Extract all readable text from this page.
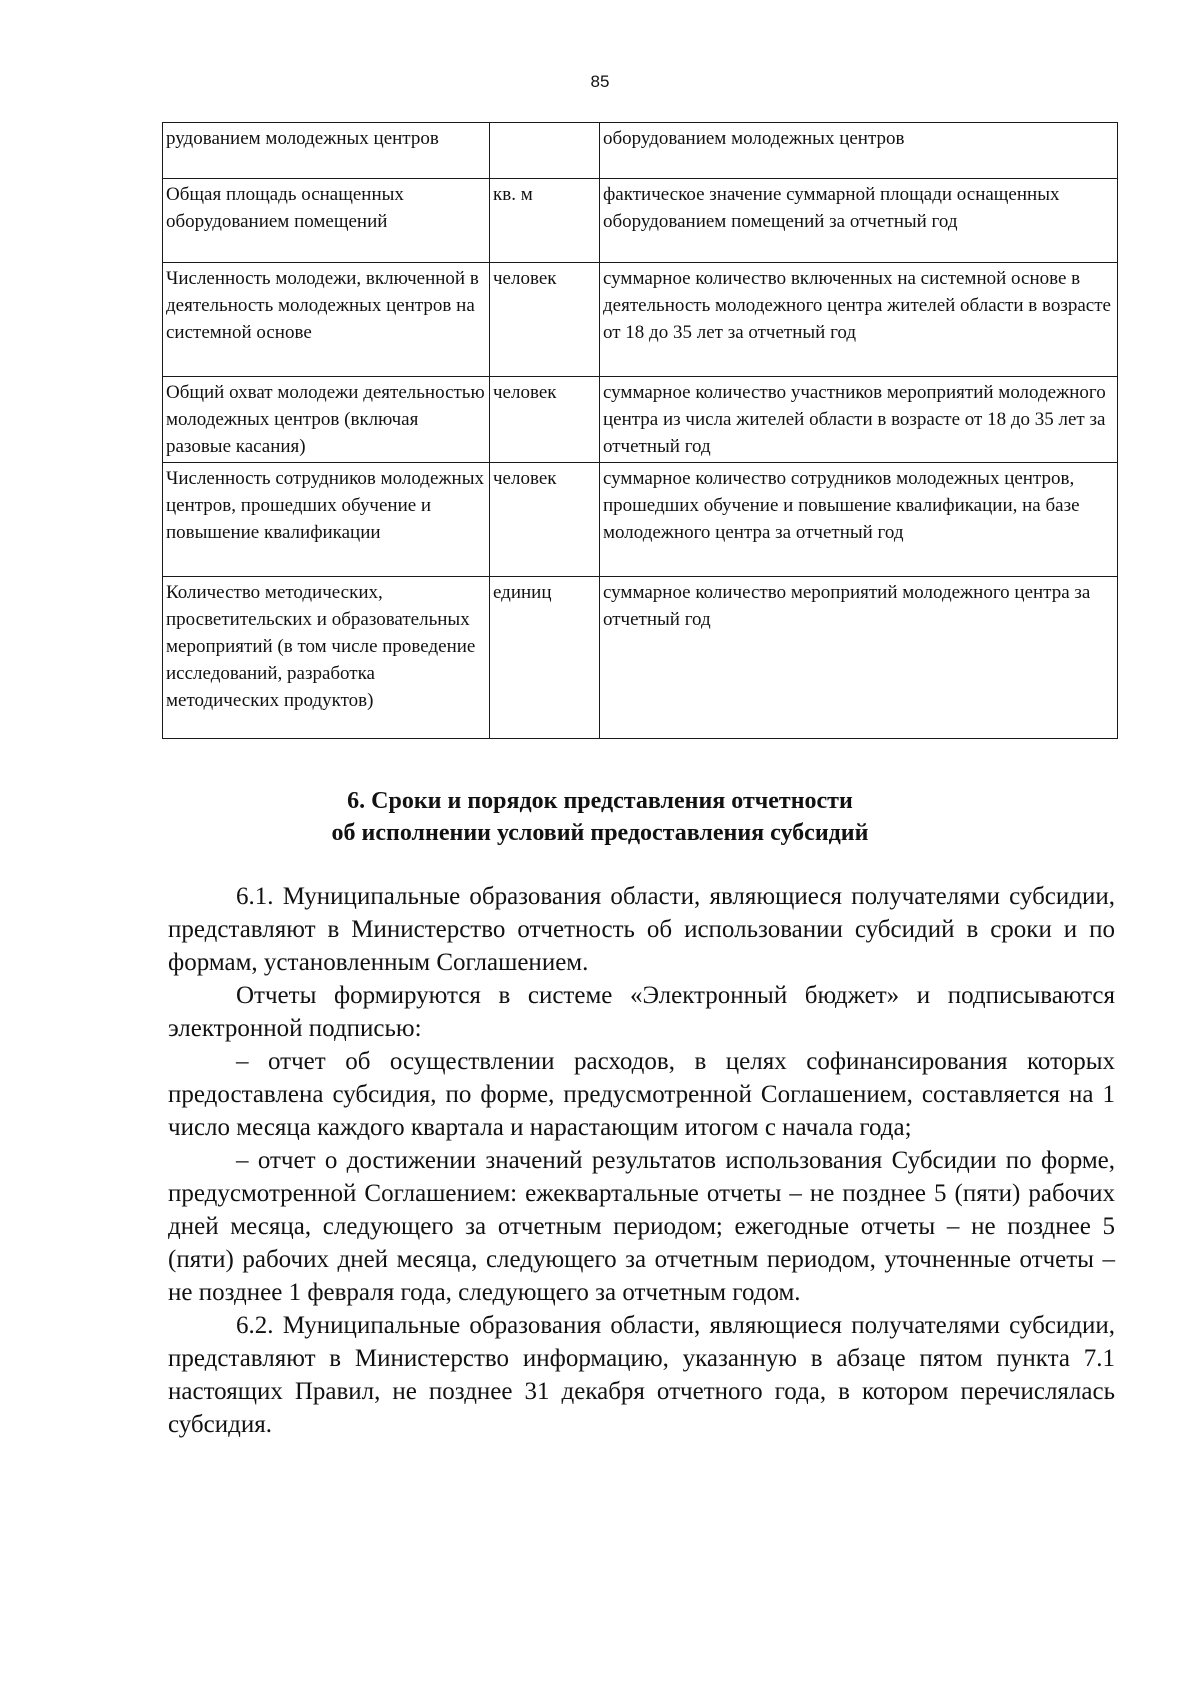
85
рудованием молодежных центров		оборудованием молодежных центров
Общая площадь оснащенных оборудованием помещений	кв. м	фактическое значение суммарной площади оснащенных оборудованием помещений за отчетный год
Численность молодежи, включенной в деятельность молодежных центров на системной основе	человек	суммарное количество включенных на системной основе в деятельность молодежного центра жителей области в возрасте от 18 до 35 лет за отчетный год
Общий охват молодежи деятельностью молодежных центров (включая разовые касания)	человек	суммарное количество участников мероприятий молодежного центра из числа жителей области в возрасте от 18 до 35 лет за отчетный год
Численность сотрудников молодежных центров, прошедших обучение и повышение квалификации	человек	суммарное количество сотрудников молодежных центров, прошедших обучение и повышение квалификации, на базе молодежного центра за отчетный год
Количество методических, просветительских и образовательных мероприятий (в том числе проведение исследований, разработка методических продуктов)	единиц	суммарное количество мероприятий молодежного центра за отчетный год
6. Сроки и порядок представления отчетности
об исполнении условий предоставления субсидий

6.1. Муниципальные образования области, являющиеся получателями субсидии, представляют в Министерство отчетность об использовании субсидий в сроки и по формам, установленным Соглашением.

Отчеты формируются в системе «Электронный бюджет» и подписываются электронной подписью:

– отчет об осуществлении расходов, в целях софинансирования которых предоставлена субсидия, по форме, предусмотренной Соглашением, составляется на 1 число месяца каждого квартала и нарастающим итогом с начала года;

– отчет о достижении значений результатов использования Субсидии по форме, предусмотренной Соглашением: ежеквартальные отчеты – не позднее 5 (пяти) рабочих дней месяца, следующего за отчетным периодом; ежегодные отчеты – не позднее 5 (пяти) рабочих дней месяца, следующего за отчетным периодом, уточненные отчеты – не позднее 1 февраля года, следующего за отчетным годом.

6.2. Муниципальные образования области, являющиеся получателями субсидии, представляют в Министерство информацию, указанную в абзаце пятом пункта 7.1 настоящих Правил, не позднее 31 декабря отчетного года, в котором перечислялась субсидия.
